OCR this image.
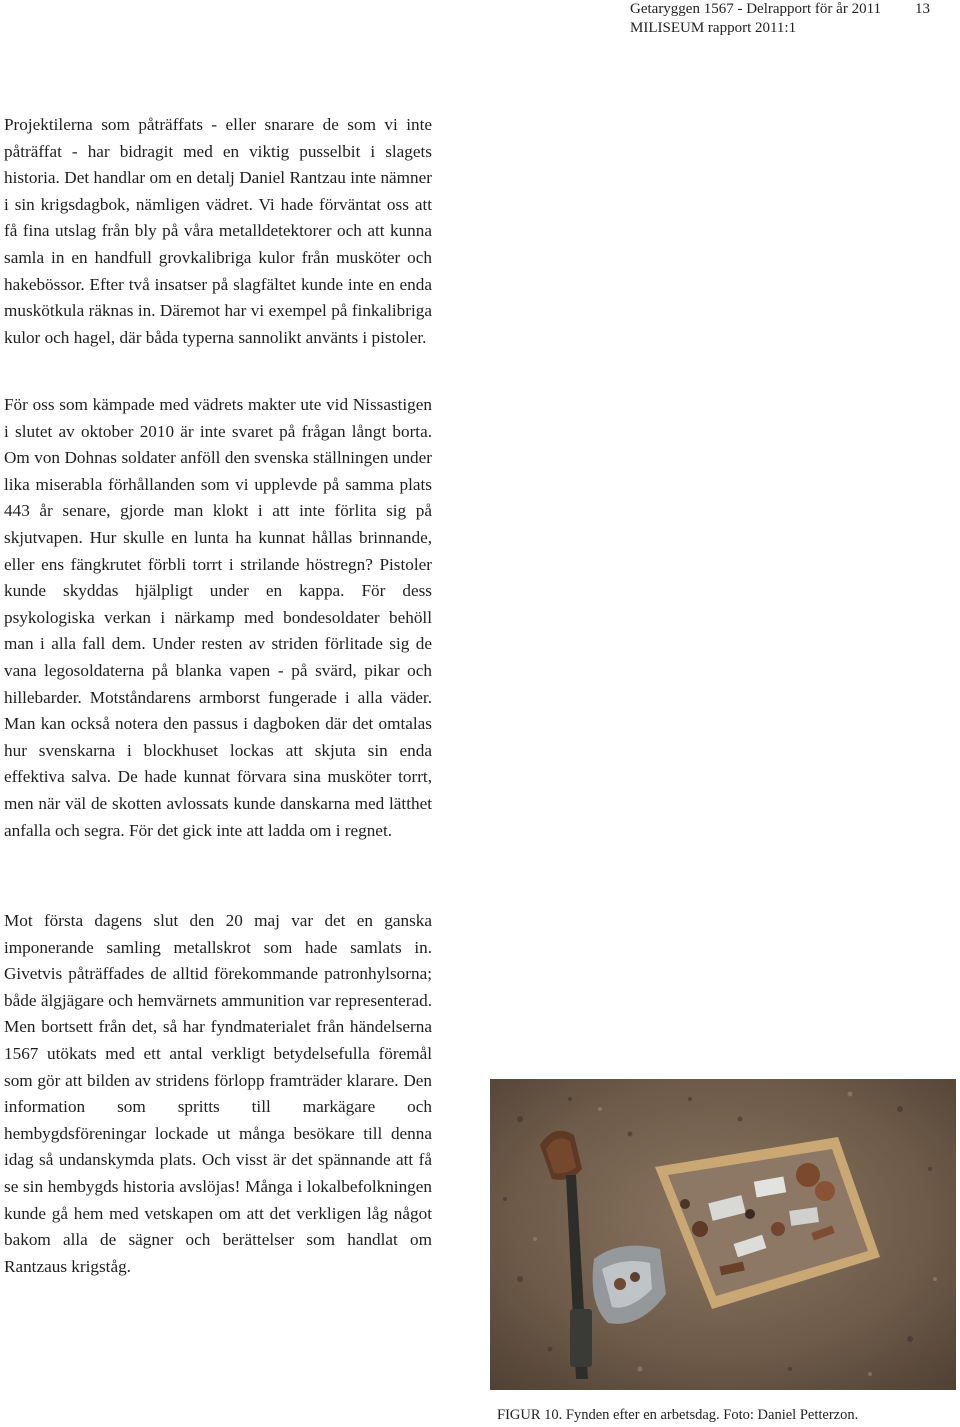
Getaryggen 1567 - Delrapport för år 2011
MILISEUM rapport 2011:1
13

Projektilerna som påträffats - eller snarare de som vi inte påträffat - har bidragit med en viktig pusselbit i slagets historia. Det handlar om en detalj Daniel Rantzau inte nämner i sin krigsdagbok, nämligen vädret. Vi hade förväntat oss att få fina utslag från bly på våra metalldetektorer och att kunna samla in en handfull grovkalibriga kulor från musköter och hakebössor. Efter två insatser på slagfältet kunde inte en enda muskötkula räknas in. Däremot har vi exempel på finkalibriga kulor och hagel, där båda typerna sannolikt använts i pistoler.

För oss som kämpade med vädrets makter ute vid Nissastigen i slutet av oktober 2010 är inte svaret på frågan långt borta. Om von Dohnas soldater anföll den svenska ställningen under lika miserabla förhållanden som vi upplevde på samma plats 443 år senare, gjorde man klokt i att inte förlita sig på skjutvapen. Hur skulle en lunta ha kunnat hållas brinnande, eller ens fängkrutet förbli torrt i strilande höstregn? Pistoler kunde skyddas hjälpligt under en kappa. För dess psykologiska verkan i närkamp med bondesoldater behöll man i alla fall dem. Under resten av striden förlitade sig de vana legosoldaterna på blanka vapen - på svärd, pikar och hillebarder. Motståndarens armborst fungerade i alla väder. Man kan också notera den passus i dagboken där det omtalas hur svenskarna i blockhuset lockas att skjuta sin enda effektiva salva. De hade kunnat förvara sina musköter torrt, men när väl de skotten avlossats kunde danskarna med lätthet anfalla och segra. För det gick inte att ladda om i regnet.

Mot första dagens slut den 20 maj var det en ganska imponerande samling metallskrot som hade samlats in. Givetvis påträffades de alltid förekommande patronhylsorna; både älgjägare och hemvärnets ammunition var representerad. Men bortsett från det, så har fyndmaterialet från händelserna 1567 utökats med ett antal verkligt betydelsefulla föremål som gör att bilden av stridens förlopp framträder klarare. Den information som spritts till markägare och hembygdsföreningar lockade ut många besökare till denna idag så undanskymda plats. Och visst är det spännande att få se sin hembygds historia avslöjas! Många i lokalbefolkningen kunde gå hem med vetskapen om att det verkligen låg något bakom alla de sägner och berättelser som handlat om Rantzaus krigståg.

FIGUR 10. Fynden efter en arbetsdag. Foto: Daniel Petterzon.
